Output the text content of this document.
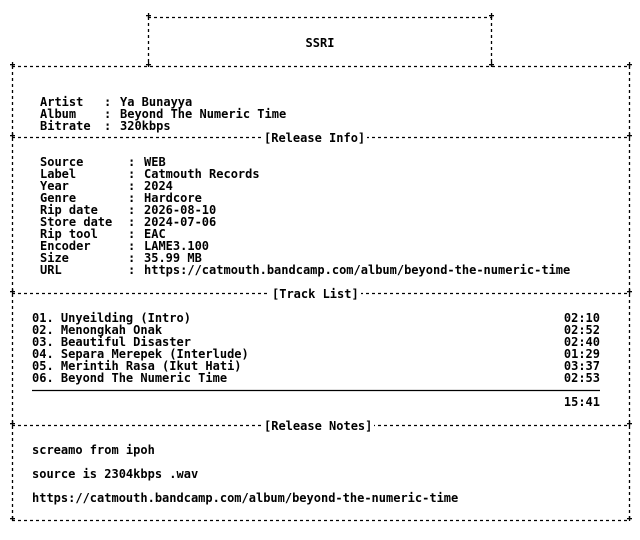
SSRI

Artist : Ya Bunayya

Album : Beyond The Numeric Time

Bitrate : 320kbps

[Release Info]
Source	: WEB
Label	: Catmouth Records
Year	: 2024
Genre	: Hardcore
Rip date	: 2026-08-10
Store date : 2024-07-06
Rip tool	: EAC
Encoder	: LAME3.100
Size	: 35.99 MB
URL	: https://catmouth.bandcamp.com/album/beyond-the-numeric-time
[Track List]
01. Unyeilding (Intro)	02:10
02. Menongkah Onak	02:52
03. Beautiful Disaster	02:40
04. Separa Merepek (Interlude)	01:29
05. Merintih Rasa (Ikut Hati)	03:37
06. Beyond The Numeric Time	02:53
15:41
[Release Notes]
screamo from ipoh
source is 2304kbps .wav
https://catmouth.bandcamp.com/album/beyond-the-numeric-time
